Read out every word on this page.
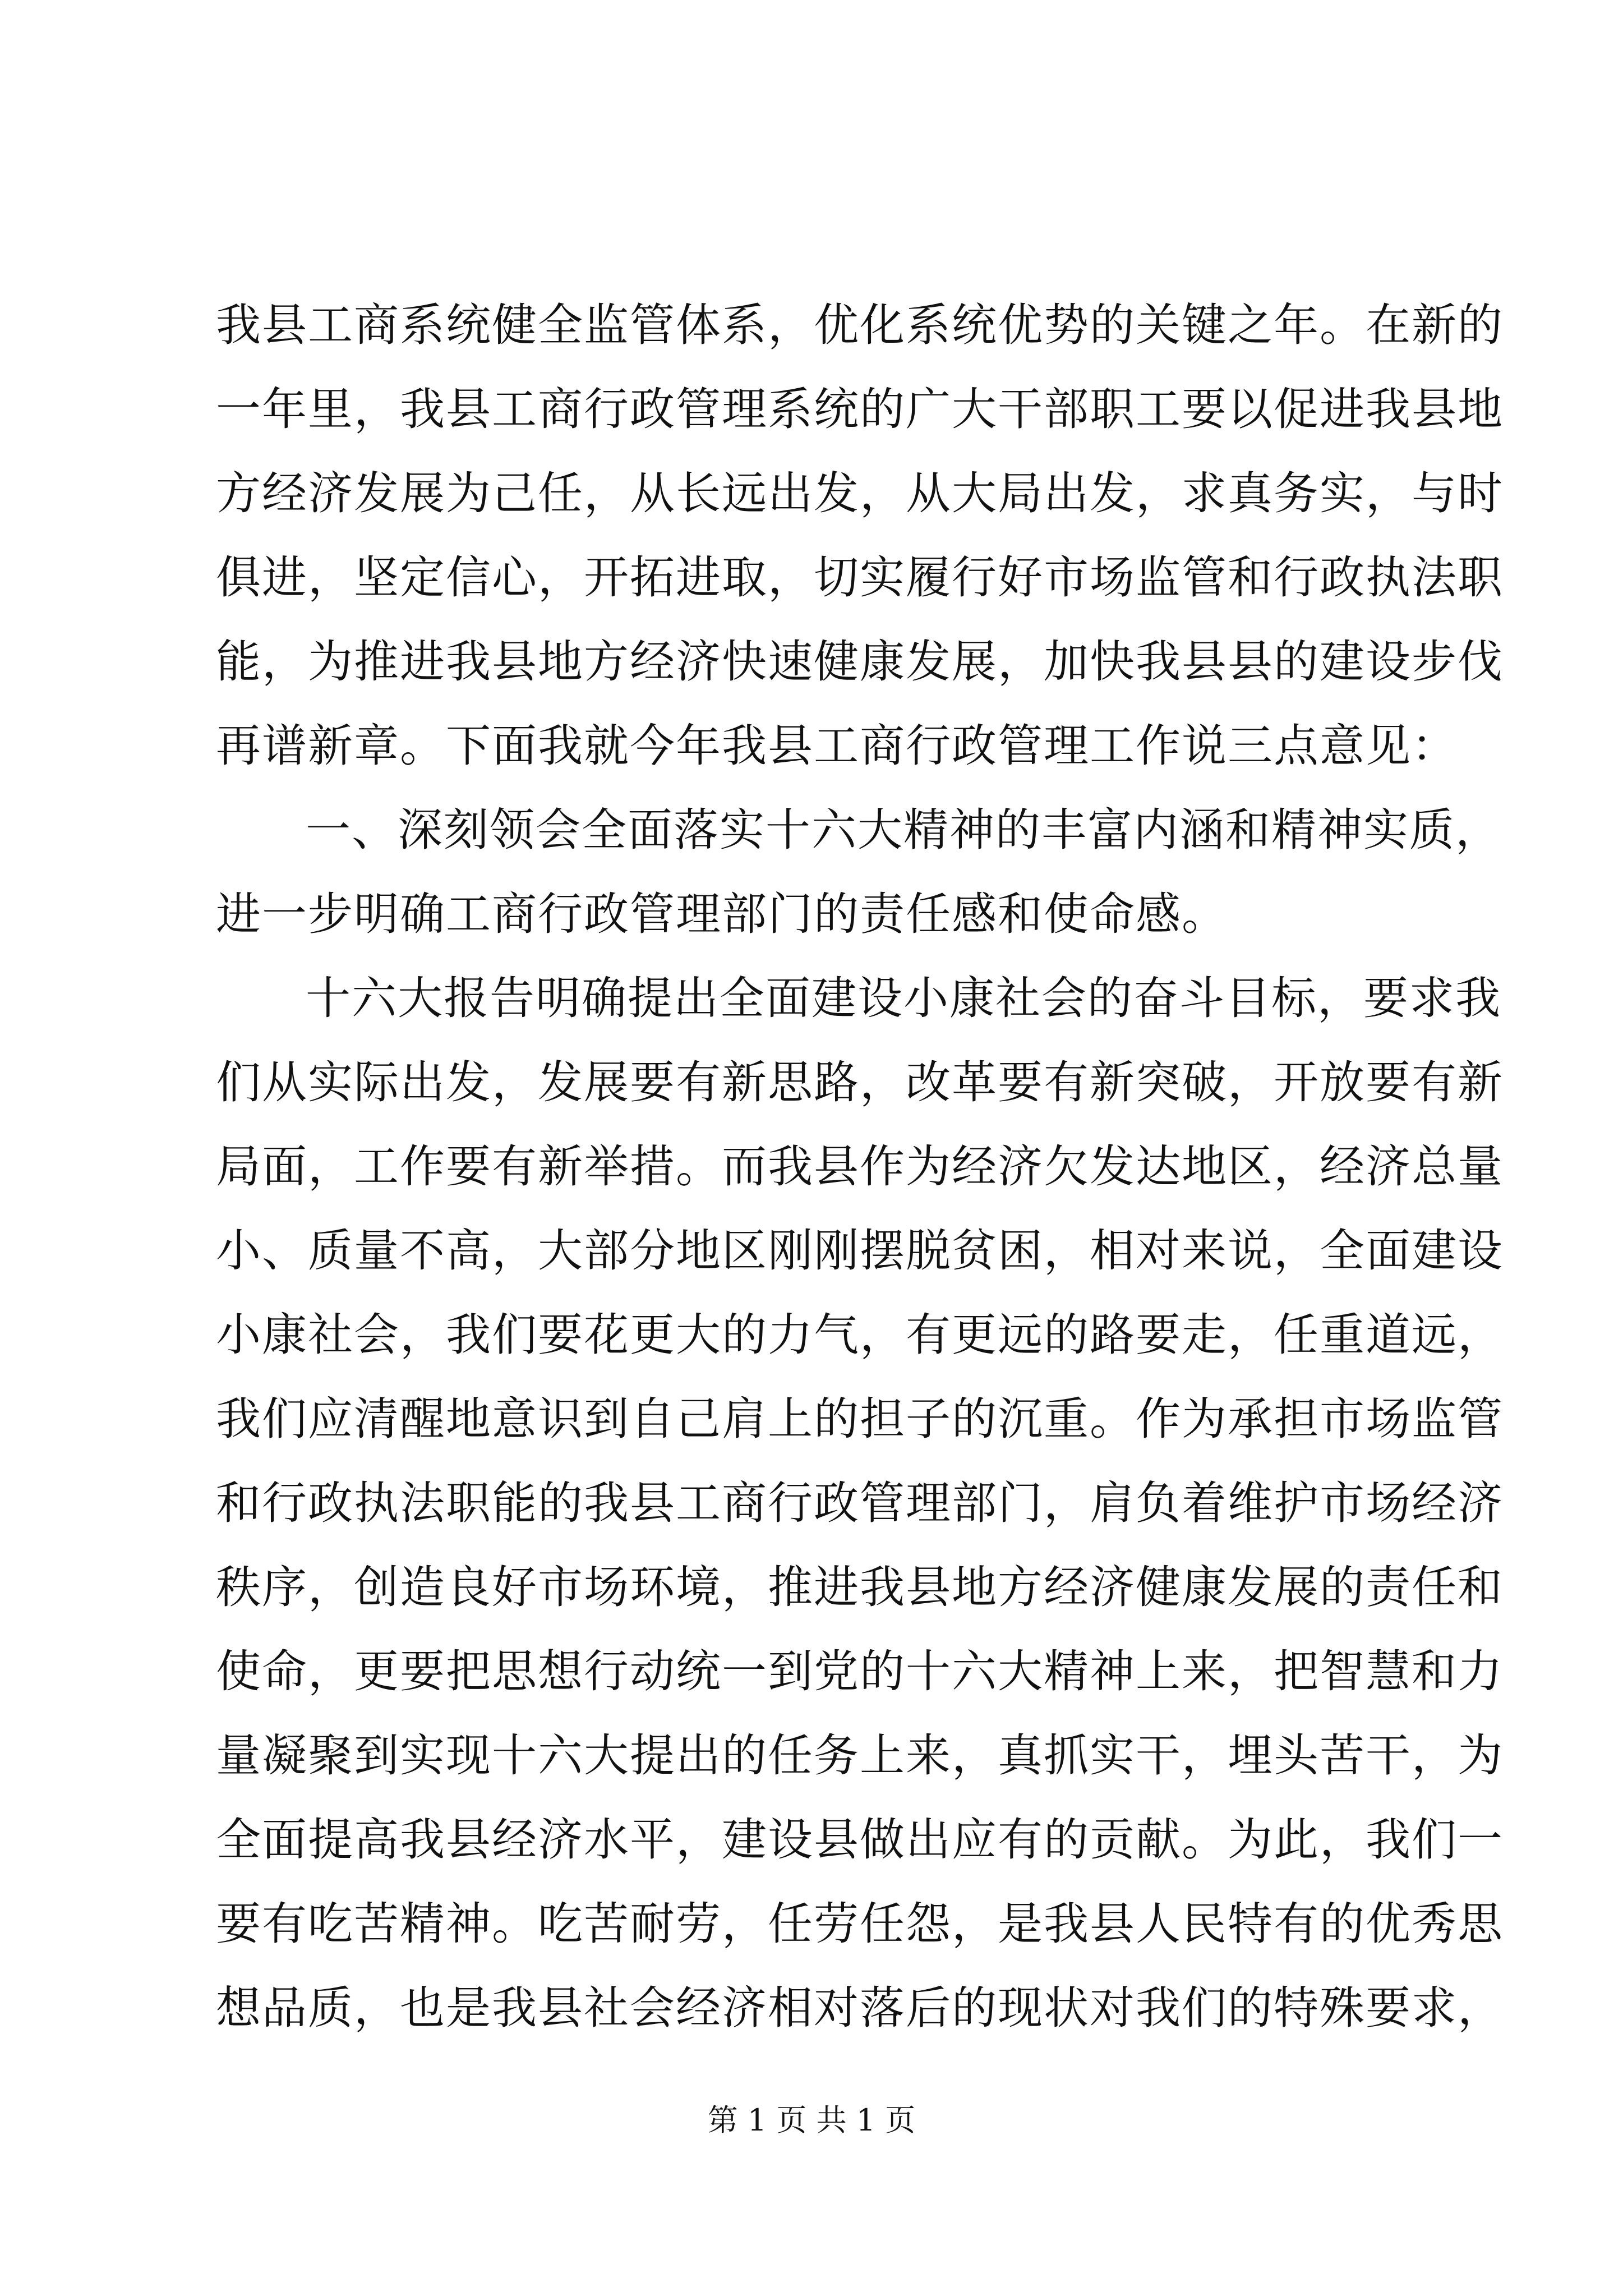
我县工商系统健全监管体系，优化系统优势的关键之年。在新的
一年里，我县工商行政管理系统的广大干部职工要以促进我县地
方经济发展为己任，从长远出发，从大局出发，求真务实，与时
俱进，坚定信心，开拓进取，切实履行好市场监管和行政执法职
能，为推进我县地方经济快速健康发展，加快我县县的建设步伐
再谱新章。下面我就今年我县工商行政管理工作说三点意见：
一、深刻领会全面落实十六大精神的丰富内涵和精神实质，
进一步明确工商行政管理部门的责任感和使命感。
十六大报告明确提出全面建设小康社会的奋斗目标，要求我
们从实际出发，发展要有新思路，改革要有新突破，开放要有新
局面，工作要有新举措。而我县作为经济欠发达地区，经济总量
小、质量不高，大部分地区刚刚摆脱贫困，相对来说，全面建设
小康社会，我们要花更大的力气，有更远的路要走，任重道远，
我们应清醒地意识到自己肩上的担子的沉重。作为承担市场监管
和行政执法职能的我县工商行政管理部门，肩负着维护市场经济
秩序，创造良好市场环境，推进我县地方经济健康发展的责任和
使命，更要把思想行动统一到党的十六大精神上来，把智慧和力
量凝聚到实现十六大提出的任务上来，真抓实干，埋头苦干，为
全面提高我县经济水平，建设县做出应有的贡献。为此，我们一
要有吃苦精神。吃苦耐劳，任劳任怨，是我县人民特有的优秀思
想品质，也是我县社会经济相对落后的现状对我们的特殊要求，
第 1 页 共 1 页
